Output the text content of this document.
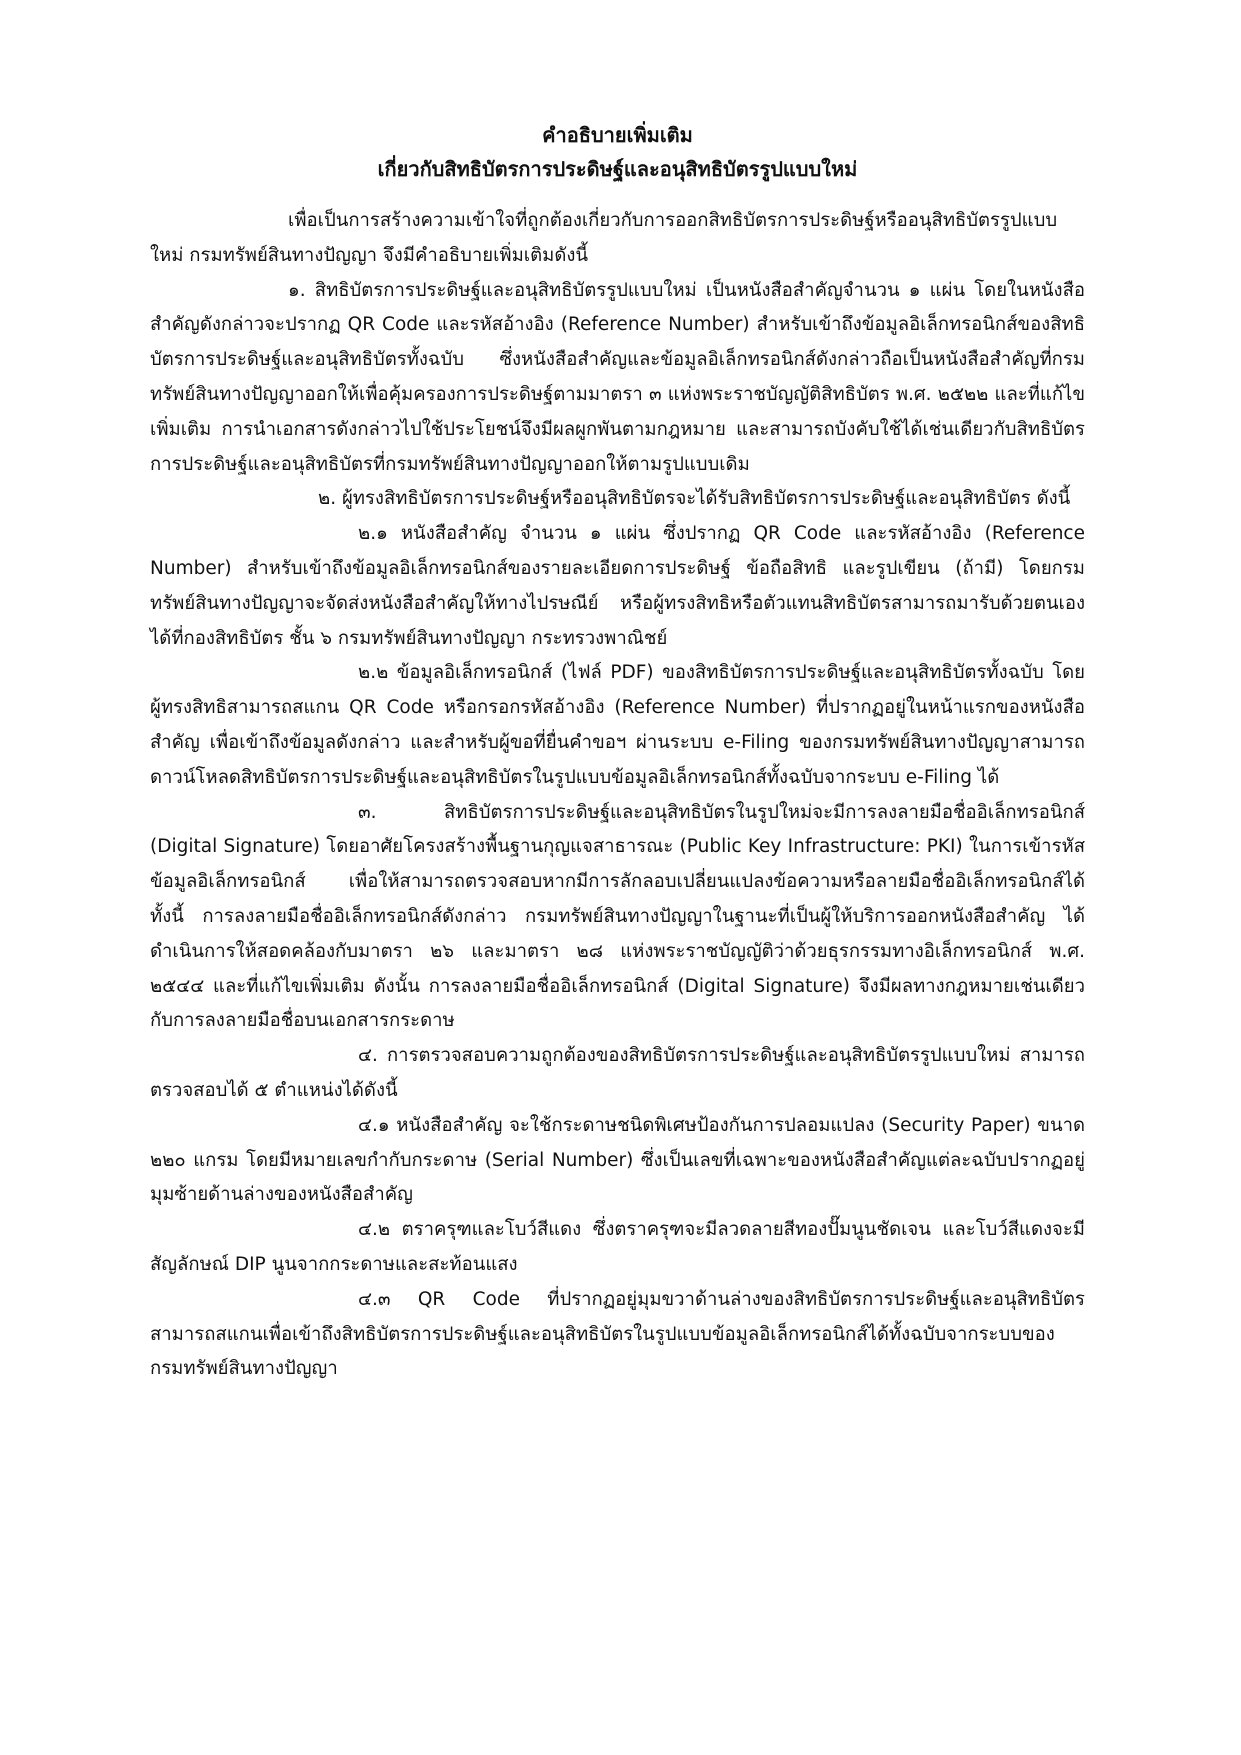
คำอธิบายเพิ่มเติม

เกี่ยวกับสิทธิบัตรการประดิษฐ์และอนุสิทธิบัตรรูปแบบใหม่

เพื่อเป็นการสร้างความเข้าใจที่ถูกต้องเกี่ยวกับการออกสิทธิบัตรการประดิษฐ์หรืออนุสิทธิบัตรรูปแบบใหม่ กรมทรัพย์สินทางปัญญา จึงมีคำอธิบายเพิ่มเติมดังนี้

๑. สิทธิบัตรการประดิษฐ์และอนุสิทธิบัตรรูปแบบใหม่ เป็นหนังสือสำคัญจำนวน ๑ แผ่น โดยในหนังสือสำคัญดังกล่าวจะปรากฏ QR Code และรหัสอ้างอิง (Reference Number) สำหรับเข้าถึงข้อมูลอิเล็กทรอนิกส์ของสิทธิบัตรการประดิษฐ์และอนุสิทธิบัตรทั้งฉบับ ซึ่งหนังสือสำคัญและข้อมูลอิเล็กทรอนิกส์ดังกล่าวถือเป็นหนังสือสำคัญที่กรมทรัพย์สินทางปัญญาออกให้เพื่อคุ้มครองการประดิษฐ์ตามมาตรา ๓ แห่งพระราชบัญญัติสิทธิบัตร พ.ศ. ๒๕๒๒ และที่แก้ไขเพิ่มเติม การนำเอกสารดังกล่าวไปใช้ประโยชน์จึงมีผลผูกพันตามกฎหมาย และสามารถบังคับใช้ได้เช่นเดียวกับสิทธิบัตรการประดิษฐ์และอนุสิทธิบัตรที่กรมทรัพย์สินทางปัญญาออกให้ตามรูปแบบเดิม

๒. ผู้ทรงสิทธิบัตรการประดิษฐ์หรืออนุสิทธิบัตรจะได้รับสิทธิบัตรการประดิษฐ์และอนุสิทธิบัตร ดังนี้

๒.๑ หนังสือสำคัญ จำนวน ๑ แผ่น ซึ่งปรากฏ QR Code และรหัสอ้างอิง (Reference Number) สำหรับเข้าถึงข้อมูลอิเล็กทรอนิกส์ของรายละเอียดการประดิษฐ์ ข้อถือสิทธิ และรูปเขียน (ถ้ามี) โดยกรมทรัพย์สินทางปัญญาจะจัดส่งหนังสือสำคัญให้ทางไปรษณีย์ หรือผู้ทรงสิทธิหรือตัวแทนสิทธิบัตรสามารถมารับด้วยตนเองได้ที่กองสิทธิบัตร ชั้น ๖ กรมทรัพย์สินทางปัญญา กระทรวงพาณิชย์

๒.๒ ข้อมูลอิเล็กทรอนิกส์ (ไฟล์ PDF) ของสิทธิบัตรการประดิษฐ์และอนุสิทธิบัตรทั้งฉบับ โดยผู้ทรงสิทธิสามารถสแกน QR Code หรือกรอกรหัสอ้างอิง (Reference Number) ที่ปรากฏอยู่ในหน้าแรกของหนังสือสำคัญ เพื่อเข้าถึงข้อมูลดังกล่าว และสำหรับผู้ขอที่ยื่นคำขอฯ ผ่านระบบ e-Filing ของกรมทรัพย์สินทางปัญญาสามารถดาวน์โหลดสิทธิบัตรการประดิษฐ์และอนุสิทธิบัตรในรูปแบบข้อมูลอิเล็กทรอนิกส์ทั้งฉบับจากระบบ e-Filing ได้

๓. สิทธิบัตรการประดิษฐ์และอนุสิทธิบัตรในรูปใหม่จะมีการลงลายมือชื่ออิเล็กทรอนิกส์ (Digital Signature) โดยอาศัยโครงสร้างพื้นฐานกุญแจสาธารณะ (Public Key Infrastructure: PKI) ในการเข้ารหัสข้อมูลอิเล็กทรอนิกส์ เพื่อให้สามารถตรวจสอบหากมีการลักลอบเปลี่ยนแปลงข้อความหรือลายมือชื่ออิเล็กทรอนิกส์ได้ ทั้งนี้ การลงลายมือชื่ออิเล็กทรอนิกส์ดังกล่าว กรมทรัพย์สินทางปัญญาในฐานะที่เป็นผู้ให้บริการออกหนังสือสำคัญ ได้ดำเนินการให้สอดคล้องกับมาตรา ๒๖ และมาตรา ๒๘ แห่งพระราชบัญญัติว่าด้วยธุรกรรมทางอิเล็กทรอนิกส์ พ.ศ. ๒๕๔๔ และที่แก้ไขเพิ่มเติม ดังนั้น การลงลายมือชื่ออิเล็กทรอนิกส์ (Digital Signature) จึงมีผลทางกฎหมายเช่นเดียวกับการลงลายมือชื่อบนเอกสารกระดาษ

๔. การตรวจสอบความถูกต้องของสิทธิบัตรการประดิษฐ์และอนุสิทธิบัตรรูปแบบใหม่ สามารถตรวจสอบได้ ๕ ตำแหน่งได้ดังนี้

๔.๑ หนังสือสำคัญ จะใช้กระดาษชนิดพิเศษป้องกันการปลอมแปลง (Security Paper) ขนาด ๒๒๐ แกรม โดยมีหมายเลขกำกับกระดาษ (Serial Number) ซึ่งเป็นเลขที่เฉพาะของหนังสือสำคัญแต่ละฉบับปรากฏอยู่มุมซ้ายด้านล่างของหนังสือสำคัญ

๔.๒ ตราครุฑและโบว์สีแดง ซึ่งตราครุฑจะมีลวดลายสีทองปั๊มนูนชัดเจน และโบว์สีแดงจะมีสัญลักษณ์ DIP นูนจากกระดาษและสะท้อนแสง

๔.๓ QR Code ที่ปรากฏอยู่มุมขวาด้านล่างของสิทธิบัตรการประดิษฐ์และอนุสิทธิบัตร สามารถสแกนเพื่อเข้าถึงสิทธิบัตรการประดิษฐ์และอนุสิทธิบัตรในรูปแบบข้อมูลอิเล็กทรอนิกส์ได้ทั้งฉบับจากระบบของกรมทรัพย์สินทางปัญญา
